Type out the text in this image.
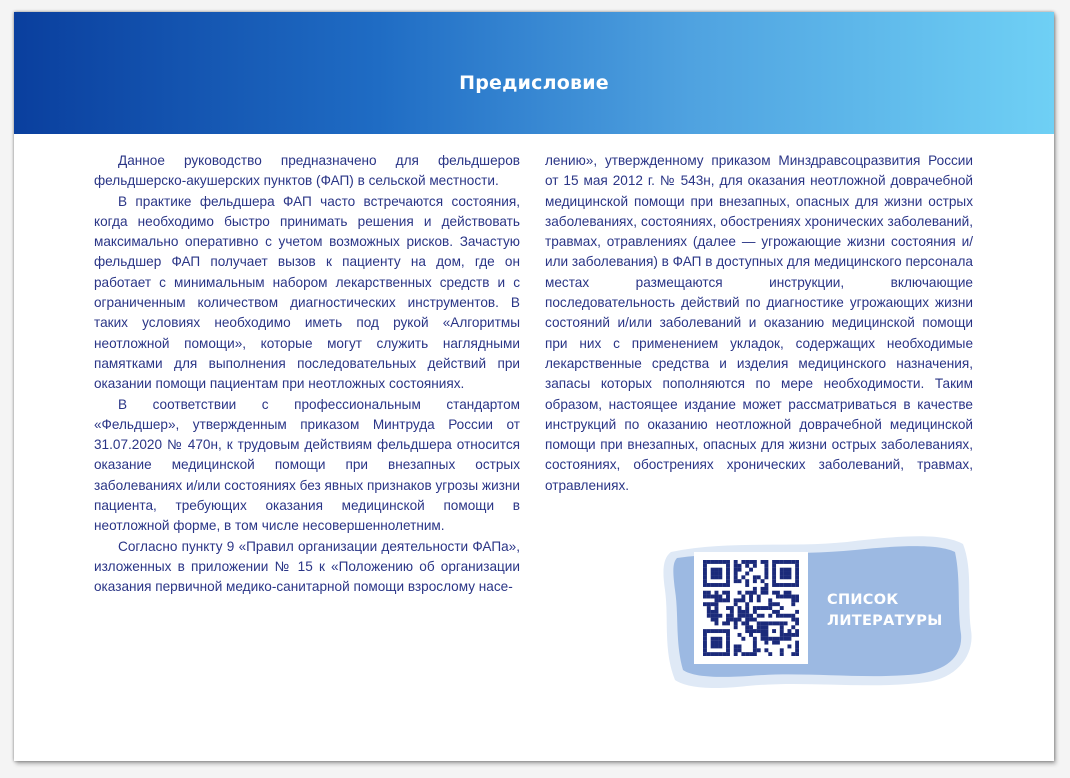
Предисловие

Данное руководство предназначено для фельдшеров фельдшерско-акушерских пунктов (ФАП) в сельской местности.

В практике фельдшера ФАП часто встречаются состояния, когда необходимо быстро принимать решения и действовать максимально оперативно с учетом возможных рисков. Зачастую фельдшер ФАП получает вызов к пациенту на дом, где он работает с минимальным набором лекарственных средств и с ограниченным количеством диагностических инструментов. В таких условиях необходимо иметь под рукой «Алгоритмы неотложной помощи», которые могут служить наглядными памятками для выполнения последовательных действий при оказании помощи пациентам при неотложных состояниях.

В соответствии с профессиональным стандартом «Фельдшер», утвержденным приказом Минтруда России от 31.07.2020 № 470н, к трудовым действиям фельдшера относится оказание медицинской помощи при внезапных острых заболеваниях и/или состояниях без явных признаков угрозы жизни пациента, требующих оказания медицинской помощи в неотложной форме, в том числе несовершеннолетним.

Согласно пункту 9 «Правил организации деятельности ФАПа», изложенных в приложении № 15 к «Положению об организации оказания первичной медико-санитарной помощи взрослому насе-

лению», утвержденному приказом Минздравсоцразвития России от 15 мая 2012 г. № 543н, для оказания неотложной доврачебной медицинской помощи при внезапных, опасных для жизни острых заболеваниях, состояниях, обострениях хронических заболеваний, травмах, отравлениях (далее — угрожающие жизни состояния и/или заболевания) в ФАП в доступных для медицинского персонала местах размещаются инструкции, включающие последовательность действий по диагностике угрожающих жизни состояний и/или заболеваний и оказанию медицинской помощи при них с применением укладок, содержащих необходимые лекарственные средства и изделия медицинского назначения, запасы которых пополняются по мере необходимости. Таким образом, настоящее издание может рассматриваться в качестве инструкций по оказанию неотложной доврачебной медицинской помощи при внезапных, опасных для жизни острых заболеваниях, состояниях, обострениях хронических заболеваний, травмах, отравлениях.

СПИСОК
ЛИТЕРАТУРЫ
